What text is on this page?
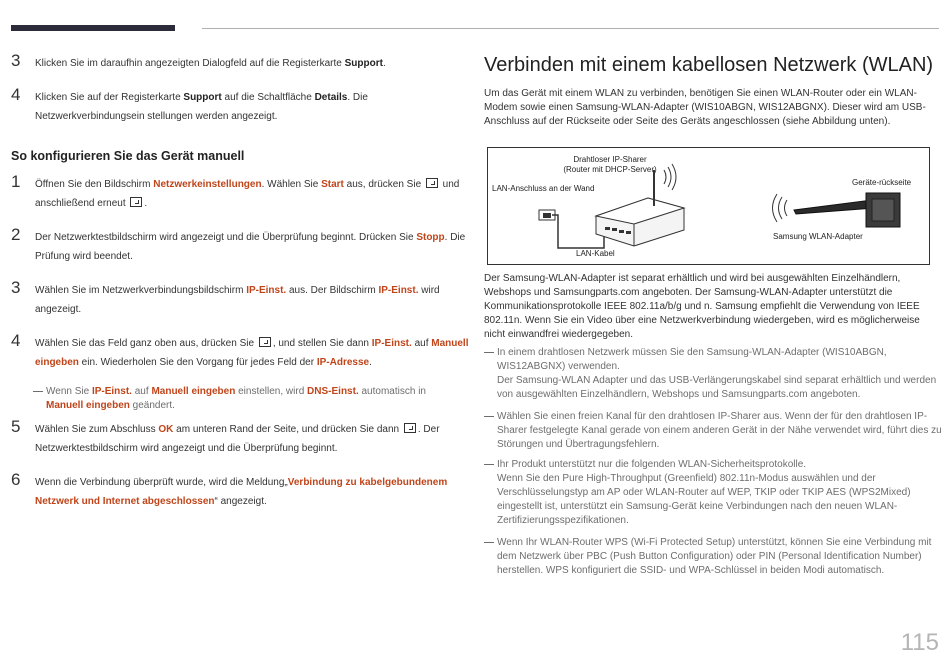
3	Klicken Sie im daraufhin angezeigten Dialogfeld auf die Registerkarte Support.
4	Klicken Sie auf der Registerkarte Support auf die Schaltfläche Details. Die Netzwerkverbindungsein stellungen werden angezeigt.
So konfigurieren Sie das Gerät manuell
1	Öffnen Sie den Bildschirm Netzwerkeinstellungen. Wählen Sie Start aus, drücken Sie  und anschließend erneut .
2	Der Netzwerktestbildschirm wird angezeigt und die Überprüfung beginnt. Drücken Sie Stopp. Die Prüfung wird beendet.
3	Wählen Sie im Netzwerkverbindungsbildschirm IP-Einst. aus. Der Bildschirm IP-Einst. wird angezeigt.
4	Wählen Sie das Feld ganz oben aus, drücken Sie , und stellen Sie dann IP-Einst. auf Manuell eingeben ein. Wiederholen Sie den Vorgang für jedes Feld der IP-Adresse.
Wenn Sie IP-Einst. auf Manuell eingeben einstellen, wird DNS-Einst. automatisch in Manuell eingeben geändert.
5	Wählen Sie zum Abschluss OK am unteren Rand der Seite, und drücken Sie dann . Der Netzwerktestbildschirm wird angezeigt und die Überprüfung beginnt.
6	Wenn die Verbindung überprüft wurde, wird die Meldung„Verbindung zu kabelgebundenem Netzwerk und Internet abgeschlossen“ angezeigt.
Verbinden mit einem kabellosen Netzwerk (WLAN)
Um das Gerät mit einem WLAN zu verbinden, benötigen Sie einen WLAN-Router oder ein WLAN-Modem sowie einen Samsung-WLAN-Adapter (WIS10ABGN, WIS12ABGNX). Dieser wird am USB-Anschluss auf der Rückseite oder Seite des Geräts angeschlossen (siehe Abbildung unten).
Drahtloser IP-Sharer
(Router mit DHCP-Server)
LAN-Anschluss an der Wand
LAN-Kabel
Geräte-rückseite
Samsung WLAN-Adapter
Der Samsung-WLAN-Adapter ist separat erhältlich und wird bei ausgewählten Einzelhändlern, Webshops und Samsungparts.com angeboten. Der Samsung-WLAN-Adapter unterstützt die Kommunikationsprotokolle IEEE 802.11a/b/g und n. Samsung empfiehlt die Verwendung von IEEE 802.11n. Wenn Sie ein Video über eine Netzwerkverbindung wiedergeben, wird es möglicherweise nicht einwandfrei wiedergegeben.
In einem drahtlosen Netzwerk müssen Sie den Samsung-WLAN-Adapter (WIS10ABGN, WIS12ABGNX) verwenden.
Der Samsung-WLAN Adapter und das USB-Verlängerungskabel sind separat erhältlich und werden von ausgewählten Einzelhändlern, Webshops und Samsungparts.com angeboten.
Wählen Sie einen freien Kanal für den drahtlosen IP-Sharer aus. Wenn der für den drahtlosen IP-Sharer festgelegte Kanal gerade von einem anderen Gerät in der Nähe verwendet wird, führt dies zu Störungen und Übertragungsfehlern.
Ihr Produkt unterstützt nur die folgenden WLAN-Sicherheitsprotokolle.
Wenn Sie den Pure High-Throughput (Greenfield) 802.11n-Modus auswählen und der Verschlüsselungstyp am AP oder WLAN-Router auf WEP, TKIP oder TKIP AES (WPS2Mixed) eingestellt ist, unterstützt ein Samsung-Gerät keine Verbindungen nach den neuen WLAN-Zertifizierungsspezifikationen.
Wenn Ihr WLAN-Router WPS (Wi-Fi Protected Setup) unterstützt, können Sie eine Verbindung mit dem Netzwerk über PBC (Push Button Configuration) oder PIN (Personal Identification Number) herstellen. WPS konfiguriert die SSID- und WPA-Schlüssel in beiden Modi automatisch.
115
